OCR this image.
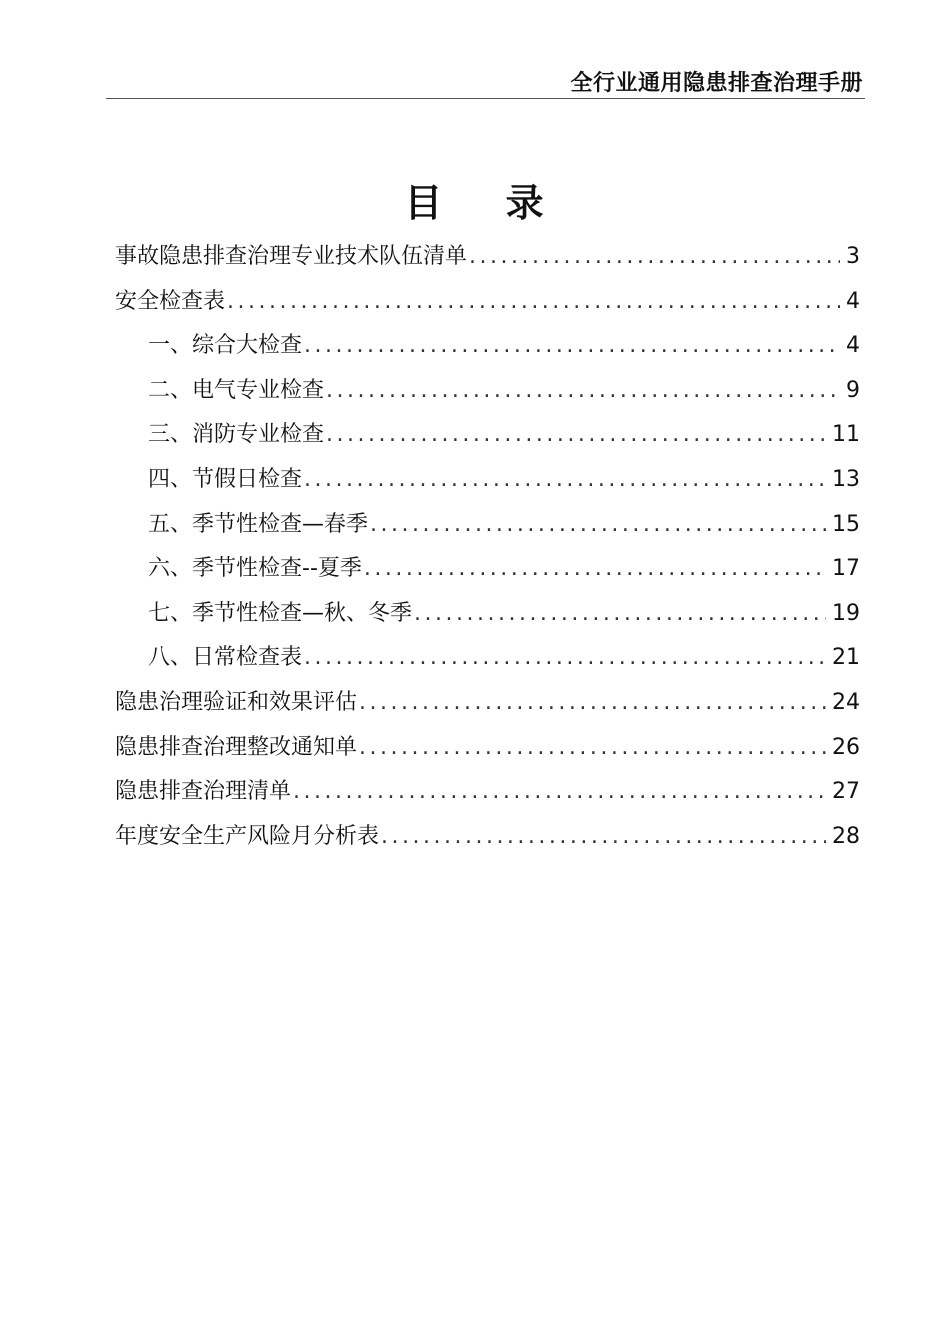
全行业通用隐患排查治理手册
目 录
事故隐患排查治理专业技术队伍清单 .....	3
安全检查表 .....	4
一、综合大检查 .....	4
二、电气专业检查 .....	9
三、消防专业检查 .....	11
四、节假日检查 .....	13
五、季节性检查—春季 .....	15
六、季节性检查--夏季 .....	17
七、季节性检查—秋、冬季 .....	19
八、日常检查表 .....	21
隐患治理验证和效果评估 .....	24
隐患排查治理整改通知单 .....	26
隐患排查治理清单 .....	27
年度安全生产风险月分析表 .....	28
